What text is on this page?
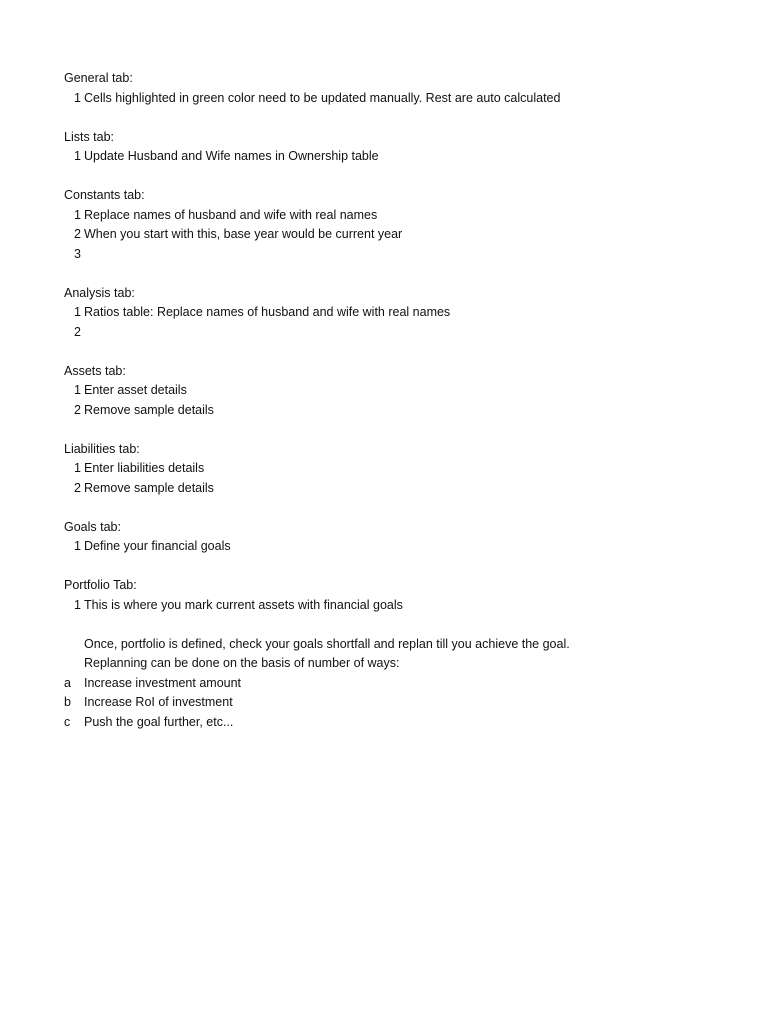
General tab:
1 Cells highlighted in green color need to be updated manually. Rest are auto calculated
Lists tab:
1 Update Husband and Wife names in Ownership table
Constants tab:
1 Replace names of husband and wife with real names
2 When you start with this, base year would be current year
3
Analysis tab:
1 Ratios table: Replace names of husband and wife with real names
2
Assets tab:
1 Enter asset details
2 Remove sample details
Liabilities tab:
1 Enter liabilities details
2 Remove sample details
Goals tab:
1 Define your financial goals
Portfolio Tab:
1 This is where you mark current assets with financial goals
Once, portfolio is defined, check your goals shortfall and replan till you achieve the goal.
Replanning can be done on the basis of number of ways:
a Increase investment amount
b Increase RoI of investment
c Push the goal further, etc...
